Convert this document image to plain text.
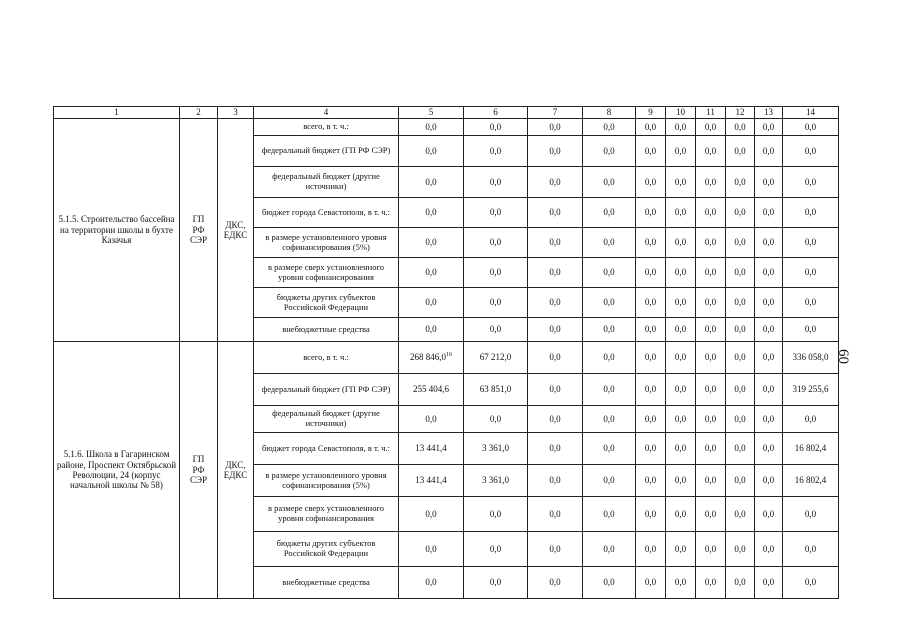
60
1	2	3	4	5	6	7	8	9	10	11	12	13	14
5.1.5. Строительство бассейна на территории школы в бухте Казачья	ГП РФ СЭР	ДКС, ЕДКС	всего, в т. ч.:	0,0	0,0	0,0	0,0	0,0	0,0	0,0	0,0	0,0	0,0
			федеральный бюджет (ГП РФ СЭР)	0,0	0,0	0,0	0,0	0,0	0,0	0,0	0,0	0,0	0,0
			федеральный бюджет (другие источники)	0,0	0,0	0,0	0,0	0,0	0,0	0,0	0,0	0,0	0,0
			бюджет города Севастополя, в т. ч.:	0,0	0,0	0,0	0,0	0,0	0,0	0,0	0,0	0,0	0,0
			в размере установленного уровня софинансирования (5%)	0,0	0,0	0,0	0,0	0,0	0,0	0,0	0,0	0,0	0,0
			в размере сверх установленного уровня софинансирования	0,0	0,0	0,0	0,0	0,0	0,0	0,0	0,0	0,0	0,0
			бюджеты других субъектов Российской Федерации	0,0	0,0	0,0	0,0	0,0	0,0	0,0	0,0	0,0	0,0
			внебюджетные средства	0,0	0,0	0,0	0,0	0,0	0,0	0,0	0,0	0,0	0,0
5.1.6. Школа в Гагаринском районе, Проспект Октябрьской Революции, 24 (корпус начальной школы № 58)	ГП РФ СЭР	ДКС, ЕДКС	всего, в т. ч.:	268 846,0$^{16}$	67 212,0	0,0	0,0	0,0	0,0	0,0	0,0	0,0	336 058,0
			федеральный бюджет (ГП РФ СЭР)	255 404,6	63 851,0	0,0	0,0	0,0	0,0	0,0	0,0	0,0	319 255,6
			федеральный бюджет (другие источники)	0,0	0,0	0,0	0,0	0,0	0,0	0,0	0,0	0,0	0,0
			бюджет города Севастополя, в т. ч.:	13 441,4	3 361,0	0,0	0,0	0,0	0,0	0,0	0,0	0,0	16 802,4
			в размере установленного уровня софинансирования (5%)	13 441,4	3 361,0	0,0	0,0	0,0	0,0	0,0	0,0	0,0	16 802,4
			в размере сверх установленного уровня софинансирования	0,0	0,0	0,0	0,0	0,0	0,0	0,0	0,0	0,0	0,0
			бюджеты других субъектов Российской Федерации	0,0	0,0	0,0	0,0	0,0	0,0	0,0	0,0	0,0	0,0
			внебюджетные средства	0,0	0,0	0,0	0,0	0,0	0,0	0,0	0,0	0,0	0,0
